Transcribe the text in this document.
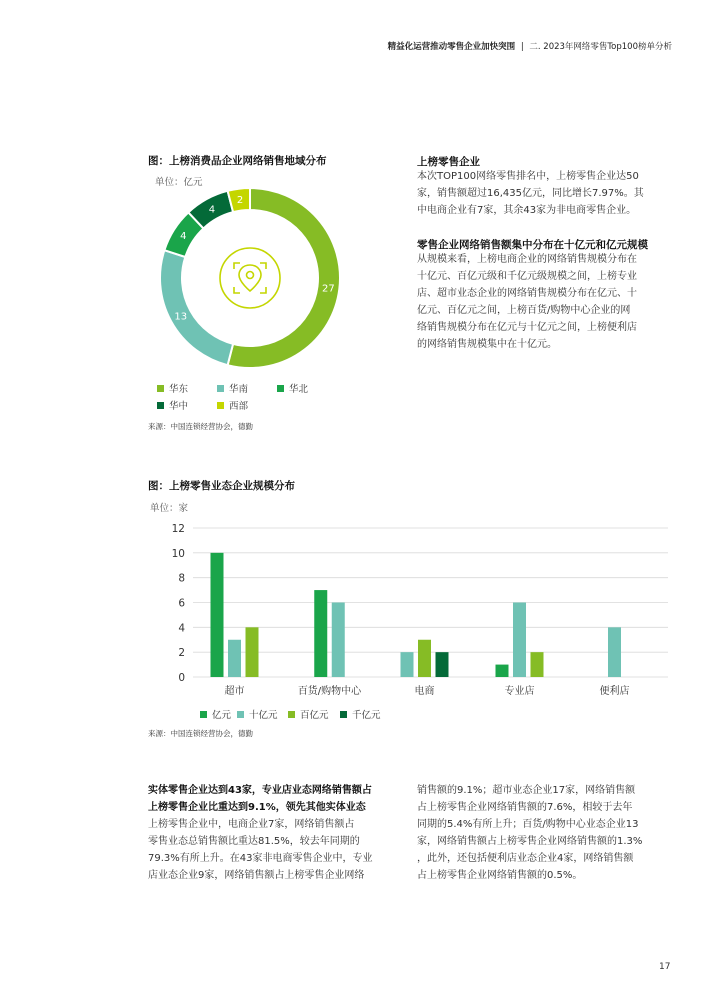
精益化运营推动零售企业加快突围 | 二. 2023年网络零售Top100榜单分析
图：上榜消费品企业网络销售地域分布
单位：亿元
27
13
4
4
2
华东	华南	华北
华中	西部
来源：中国连锁经营协会，德勤
上榜零售企业
本次TOP100网络零售排名中，上榜零售企业达50
家，销售额超过16,435亿元，同比增长7.97%。其
中电商企业有7家，其余43家为非电商零售企业。
零售企业网络销售额集中分布在十亿元和亿元规模
从规模来看，上榜电商企业的网络销售规模分布在
十亿元、百亿元级和千亿元级规模之间，上榜专业
店、超市业态企业的网络销售规模分布在亿元、十
亿元、百亿元之间，上榜百货/购物中心企业的网
络销售规模分布在亿元与十亿元之间，上榜便利店
的网络销售规模集中在十亿元。
图：上榜零售业态企业规模分布
单位：家
0
2
4
6
8
10
12
超市	百货/购物中心	电商	专业店	便利店
亿元 十亿元 百亿元 千亿元
来源：中国连锁经营协会，德勤
实体零售企业达到43家，专业店业态网络销售额占
上榜零售企业比重达到9.1%，领先其他实体业态
上榜零售企业中，电商企业7家，网络销售额占
零售业态总销售额比重达81.5%，较去年同期的
79.3%有所上升。在43家非电商零售企业中，专业
店业态企业9家，网络销售额占上榜零售企业网络
销售额的9.1%；超市业态企业17家，网络销售额
占上榜零售企业网络销售额的7.6%，相较于去年
同期的5.4%有所上升；百货/购物中心业态企业13
家，网络销售额占上榜零售企业网络销售额的1.3%
，此外，还包括便利店业态企业4家，网络销售额
占上榜零售企业网络销售额的0.5%。
17
